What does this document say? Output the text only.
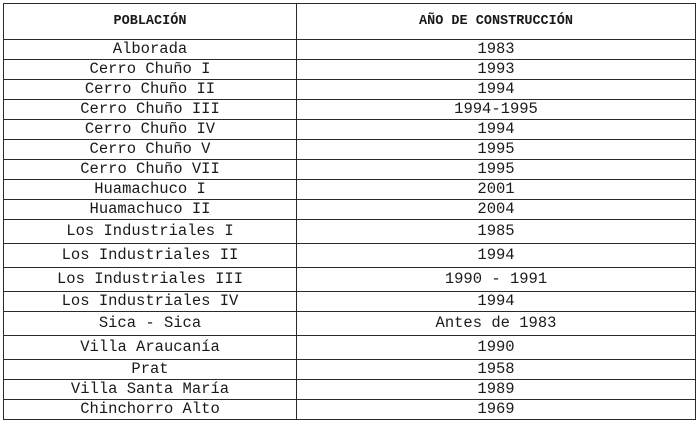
POBLACIÓN	AÑO DE CONSTRUCCIÓN
Alborada	1983
Cerro Chuño I	1993
Cerro Chuño II	1994
Cerro Chuño III	1994-1995
Cerro Chuño IV	1994
Cerro Chuño V	1995
Cerro Chuño VII	1995
Huamachuco I	2001
Huamachuco II	2004
Los Industriales I	1985
Los Industriales II	1994
Los Industriales III	1990 - 1991
Los Industriales IV	1994
Sica - Sica	Antes de 1983
Villa Araucanía	1990
Prat	1958
Villa Santa María	1989
Chinchorro Alto	1969
